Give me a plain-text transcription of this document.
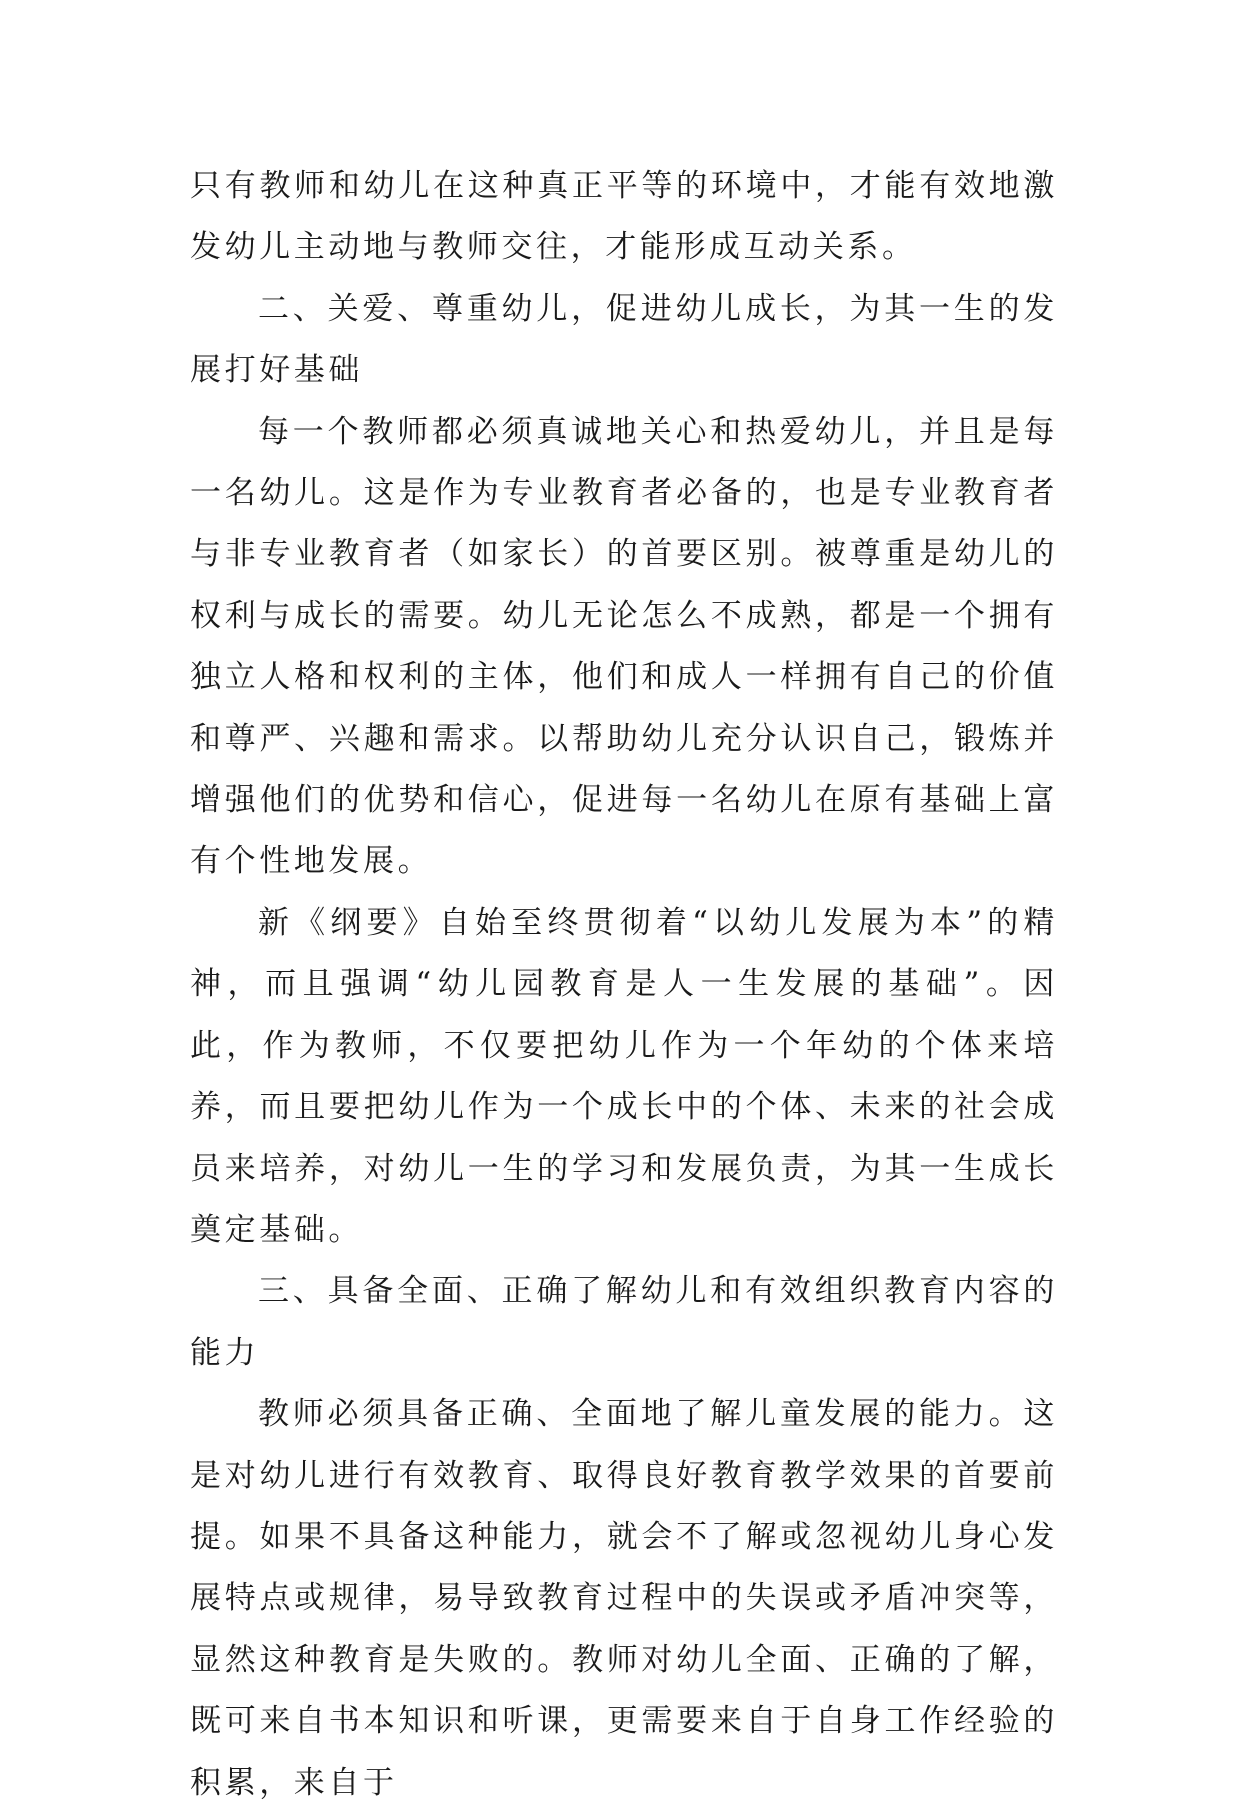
只有教师和幼儿在这种真正平等的环境中，才能有效地激发幼儿主动地与教师交往，才能形成互动关系。

二、关爱、尊重幼儿，促进幼儿成长，为其一生的发展打好基础

每一个教师都必须真诚地关心和热爱幼儿，并且是每一名幼儿。这是作为专业教育者必备的，也是专业教育者与非专业教育者（如家长）的首要区别。被尊重是幼儿的权利与成长的需要。幼儿无论怎么不成熟，都是一个拥有独立人格和权利的主体，他们和成人一样拥有自己的价值和尊严、兴趣和需求。以帮助幼儿充分认识自己，锻炼并增强他们的优势和信心，促进每一名幼儿在原有基础上富有个性地发展。

新《纲要》自始至终贯彻着“以幼儿发展为本”的精神，而且强调“幼儿园教育是人一生发展的基础”。因此，作为教师，不仅要把幼儿作为一个年幼的个体来培养，而且要把幼儿作为一个成长中的个体、未来的社会成员来培养，对幼儿一生的学习和发展负责，为其一生成长奠定基础。

三、具备全面、正确了解幼儿和有效组织教育内容的能力

教师必须具备正确、全面地了解儿童发展的能力。这是对幼儿进行有效教育、取得良好教育教学效果的首要前提。如果不具备这种能力，就会不了解或忽视幼儿身心发展特点或规律，易导致教育过程中的失误或矛盾冲突等，显然这种教育是失败的。教师对幼儿全面、正确的了解，既可来自书本知识和听课，更需要来自于自身工作经验的积累，来自于
